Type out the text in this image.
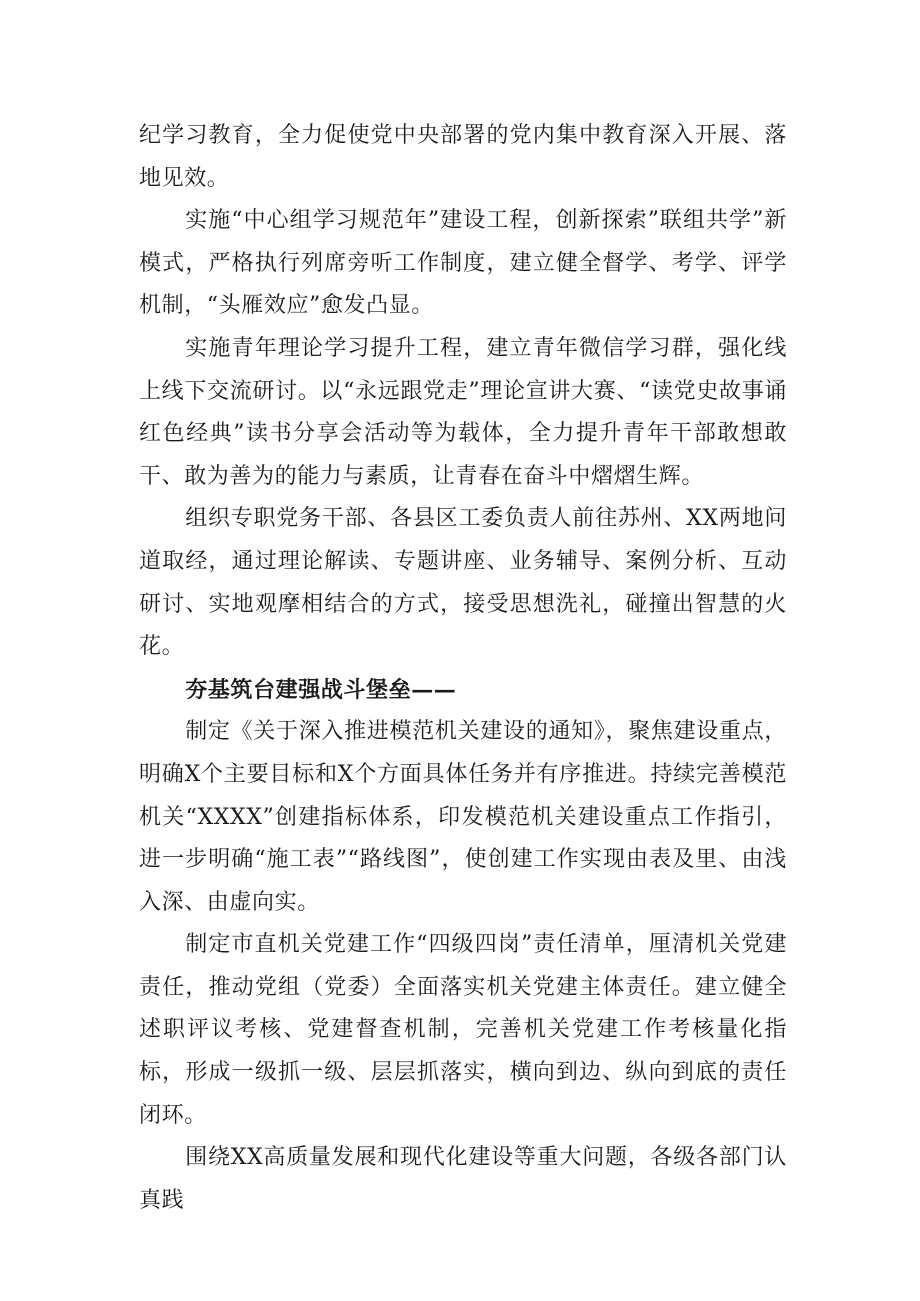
纪学习教育，全力促使党中央部署的党内集中教育深入开展、落地见效。

实施“中心组学习规范年”建设工程，创新探索”联组共学”新模式，严格执行列席旁听工作制度，建立健全督学、考学、评学机制，“头雁效应”愈发凸显。

实施青年理论学习提升工程，建立青年微信学习群，强化线上线下交流研讨。以“永远跟党走”理论宣讲大赛、“读党史故事诵红色经典”读书分享会活动等为载体，全力提升青年干部敢想敢干、敢为善为的能力与素质，让青春在奋斗中熠熠生辉。

组织专职党务干部、各县区工委负责人前往苏州、XX两地问道取经，通过理论解读、专题讲座、业务辅导、案例分析、互动研讨、实地观摩相结合的方式，接受思想洗礼，碰撞出智慧的火花。

夯基筑台建强战斗堡垒——

制定《关于深入推进模范机关建设的通知》，聚焦建设重点，明确X个主要目标和X个方面具体任务并有序推进。持续完善模范机关“XXXX”创建指标体系，印发模范机关建设重点工作指引，进一步明确“施工表”“路线图”，使创建工作实现由表及里、由浅入深、由虚向实。

制定市直机关党建工作“四级四岗”责任清单，厘清机关党建责任，推动党组（党委）全面落实机关党建主体责任。建立健全述职评议考核、党建督查机制，完善机关党建工作考核量化指标，形成一级抓一级、层层抓落实，横向到边、纵向到底的责任闭环。

围绕XX高质量发展和现代化建设等重大问题，各级各部门认真践
